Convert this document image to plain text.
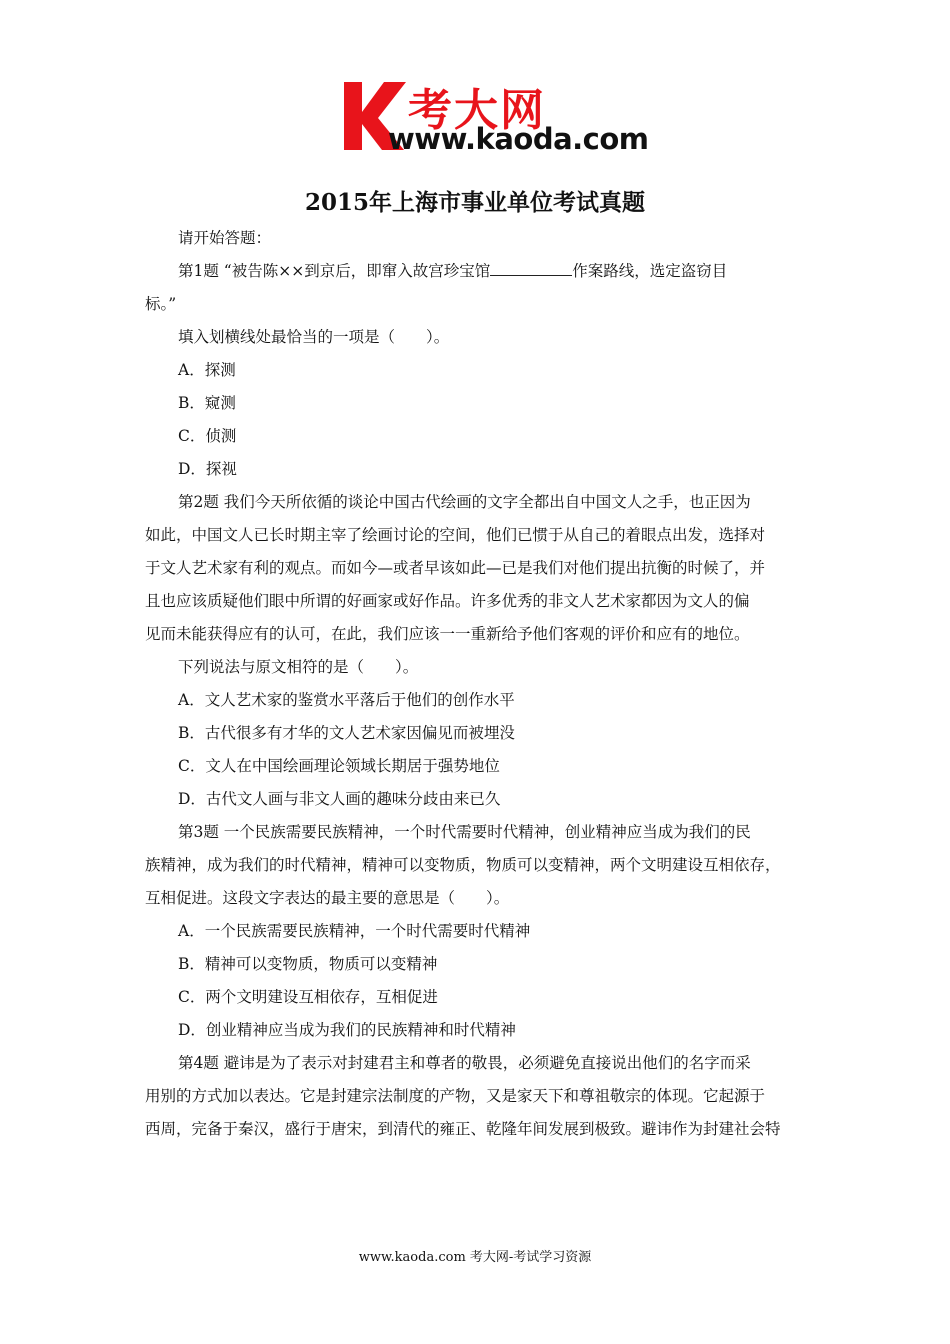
考大网
www.kaoda.com
2015年上海市事业单位考试真题

请开始答题：

第1题 “被告陈××到京后，即窜入故宫珍宝馆	作案路线，选定盗窃目

标。”

填入划横线处最恰当的一项是（　　）。

A．探测

B．窥测

C．侦测

D．探视

第2题 我们今天所依循的谈论中国古代绘画的文字全都出自中国文人之手，也正因为

如此，中国文人已长时期主宰了绘画讨论的空间，他们已惯于从自己的着眼点出发，选择对

于文人艺术家有利的观点。而如今—或者早该如此—已是我们对他们提出抗衡的时候了，并

且也应该质疑他们眼中所谓的好画家或好作品。许多优秀的非文人艺术家都因为文人的偏

见而未能获得应有的认可，在此，我们应该一一重新给予他们客观的评价和应有的地位。

下列说法与原文相符的是（　　）。

A．文人艺术家的鉴赏水平落后于他们的创作水平

B．古代很多有才华的文人艺术家因偏见而被埋没

C．文人在中国绘画理论领域长期居于强势地位

D．古代文人画与非文人画的趣味分歧由来已久

第3题 一个民族需要民族精神，一个时代需要时代精神，创业精神应当成为我们的民

族精神，成为我们的时代精神，精神可以变物质，物质可以变精神，两个文明建设互相依存，

互相促进。这段文字表达的最主要的意思是（　　）。

A．一个民族需要民族精神，一个时代需要时代精神

B．精神可以变物质，物质可以变精神

C．两个文明建设互相依存，互相促进

D．创业精神应当成为我们的民族精神和时代精神

第4题 避讳是为了表示对封建君主和尊者的敬畏，必须避免直接说出他们的名字而采

用别的方式加以表达。它是封建宗法制度的产物，又是家天下和尊祖敬宗的体现。它起源于

西周，完备于秦汉，盛行于唐宋，到清代的雍正、乾隆年间发展到极致。避讳作为封建社会特

www.kaoda.com 考大网-考试学习资源
